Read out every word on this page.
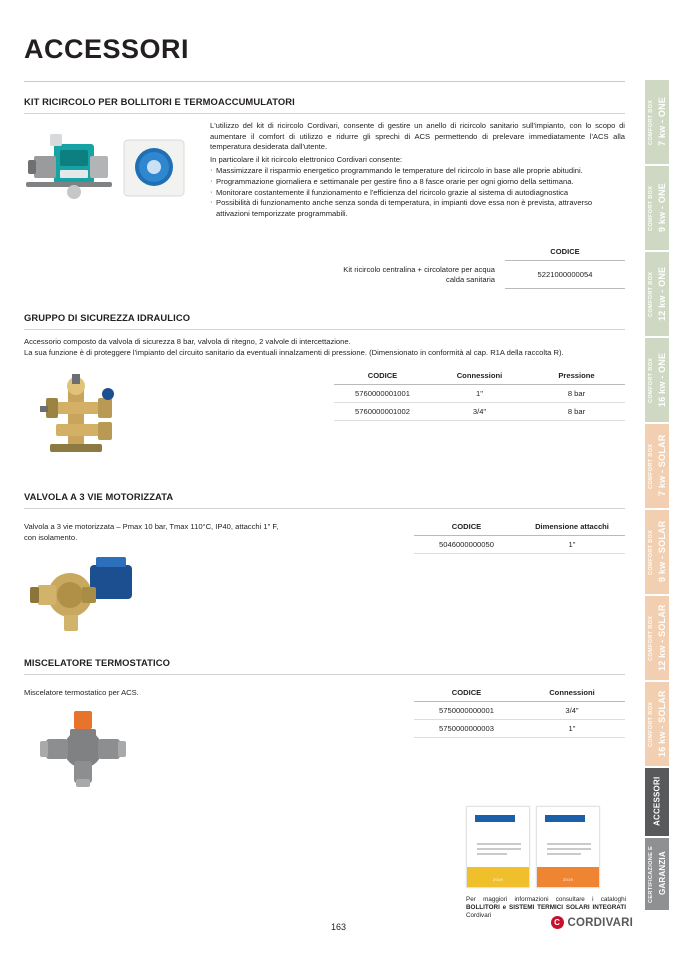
COMFORT BOX 7 kw - ONE
COMFORT BOX 9 kw - ONE
COMFORT BOX 12 kw - ONE
COMFORT BOX 16 kw - ONE
COMFORT BOX 7 kw - SOLAR
COMFORT BOX 9 kw - SOLAR
COMFORT BOX 12 kw - SOLAR
COMFORT BOX 16 kw - SOLAR
ACCESSORI
CERTIFICAZIONE E GARANZIA
ACCESSORI
KIT RICIRCOLO PER BOLLITORI E TERMOACCUMULATORI

L'utilizzo del kit di ricircolo Cordivari, consente di gestire un anello di ricircolo sanitario sull'impianto, con lo scopo di aumentare il comfort di utilizzo e ridurre gli sprechi di ACS permettendo di prelevare immediatamente l'ACS alla temperatura desiderata dall'utente.

In particolare il kit ricircolo elettronico Cordivari consente:

· Massimizzare il risparmio energetico programmando le temperature del ricircolo in base alle proprie abitudini.
· Programmazione giornaliera e settimanale per gestire fino a 8 fasce orarie per ogni giorno della settimana.
· Monitorare costantemente il funzionamento e l'efficienza del ricircolo grazie al sistema di autodiagnostica
· Possibilità di funzionamento anche senza sonda di temperatura, in impianti dove essa non è prevista, attraverso attivazioni temporizzate programmabili.
	CODICE
Kit ricircolo centralina + circolatore per acqua calda sanitaria	5221000000054
GRUPPO DI SICUREZZA IDRAULICO

Accessorio composto da valvola di sicurezza 8 bar, valvola di ritegno, 2 valvole di intercettazione.

La sua funzione è di proteggere l'impianto del circuito sanitario da eventuali innalzamenti di pressione. (Dimensionato in conformità al cap. R1A della raccolta R).

CODICE	Connessioni	Pressione
5760000001001	1"	8 bar
5760000001002	3/4"	8 bar
VALVOLA A 3 VIE MOTORIZZATA

Valvola a 3 vie motorizzata – Pmax 10 bar, Tmax 110°C, IP40, attacchi 1" F,

con isolamento.

CODICE	Dimensione attacchi
5046000000050	1"
MISCELATORE TERMOSTATICO

Miscelatore termostatico per ACS.	CODICE	Connessioni
5750000000001	3/4"
5750000000003	1"
2019	2019
Per maggiori informazioni consultare i cataloghi BOLLITORI e SISTEMI TERMICI SOLARI INTEGRATI Cordivari
163	C CORDIVARI
